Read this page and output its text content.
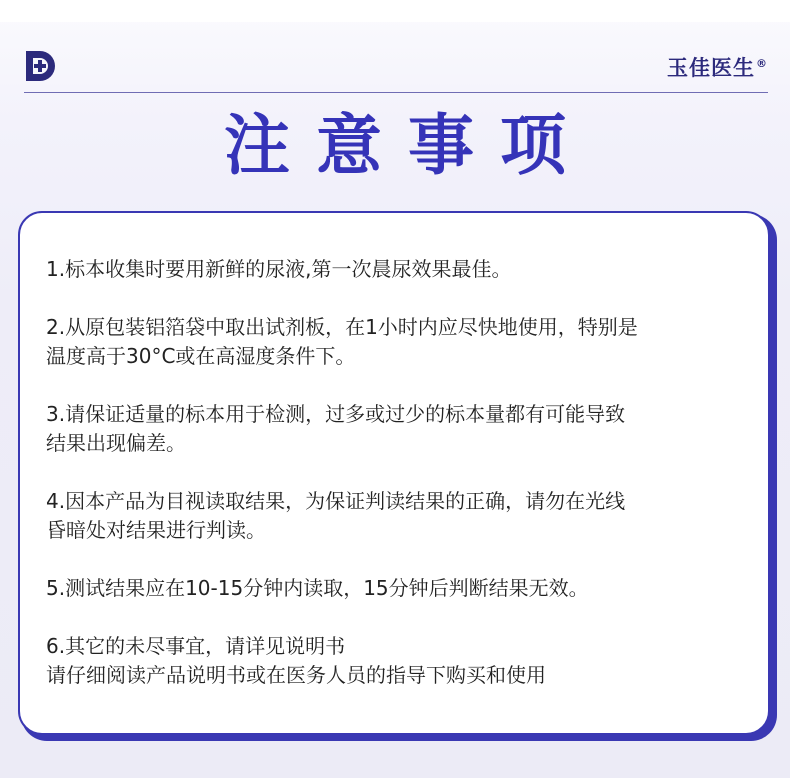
玉佳医生®
注意事项
1.标本收集时要用新鲜的尿液,第一次晨尿效果最佳。
2.从原包装铝箔袋中取出试剂板，在1小时内应尽快地使用，特别是
温度高于30°C或在高湿度条件下。
3.请保证适量的标本用于检测，过多或过少的标本量都有可能导致
结果出现偏差。
4.因本产品为目视读取结果，为保证判读结果的正确，请勿在光线
昏暗处对结果进行判读。
5.测试结果应在10-15分钟内读取，15分钟后判断结果无效。
6.其它的未尽事宜，请详见说明书
请仔细阅读产品说明书或在医务人员的指导下购买和使用
